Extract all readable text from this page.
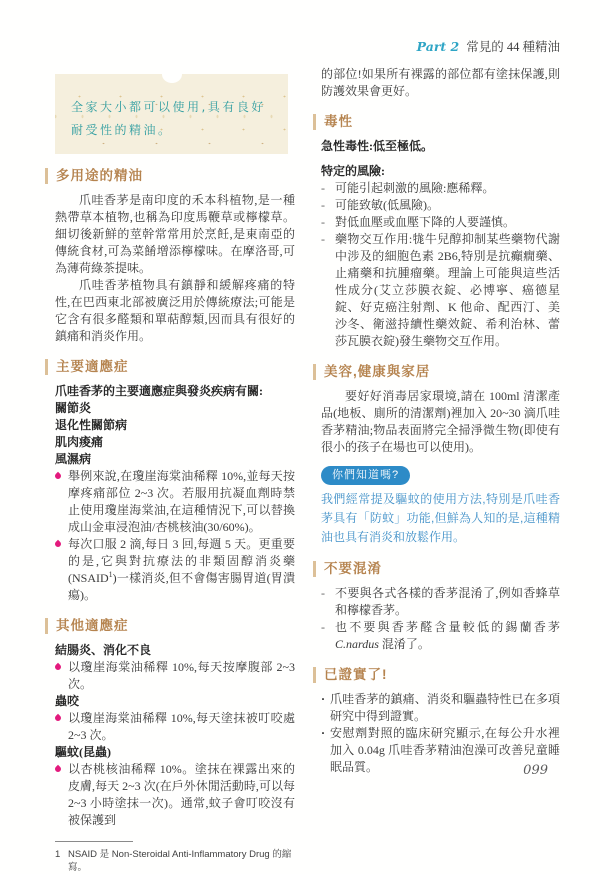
Part 2 常見的 44 種精油
全家大小都可以使用,具有良好耐受性的精油。
多用途的精油

爪哇香茅是南印度的禾本科植物,是一種熱帶草本植物,也稱為印度馬鞭草或檸檬草。細切後新鮮的莖幹常常用於烹飪,是東南亞的傳統食材,可為菜餚增添檸檬味。在摩洛哥,可為薄荷綠茶提味。

爪哇香茅植物具有鎮靜和緩解疼痛的特性,在巴西東北部被廣泛用於傳統療法;可能是它含有很多醛類和單萜醇類,因而具有很好的鎮痛和消炎作用。

主要適應症
爪哇香茅的主要適應症與發炎疾病有關:
關節炎
退化性關節病
肌肉痠痛
風濕病
舉例來說,在瓊崖海棠油稀釋 10%,並每天按摩疼痛部位 2~3 次。若服用抗凝血劑時禁止使用瓊崖海棠油,在這種情況下,可以替換成山金車浸泡油/杏桃核油(30/60%)。
每次口服 2 滴,每日 3 回,每週 5 天。更重要的是,它與對抗療法的非類固醇消炎藥(NSAID$^1$)一樣消炎,但不會傷害腸胃道(胃潰瘍)。
其他適應症
結腸炎、消化不良
以瓊崖海棠油稀釋 10%,每天按摩腹部 2~3 次。
蟲咬
以瓊崖海棠油稀釋 10%,每天塗抹被叮咬處 2~3 次。
驅蚊(昆蟲)
以杏桃核油稀釋 10%。塗抹在裸露出來的皮膚,每天 2~3 次(在戶外休閒活動時,可以每 2~3 小時塗抹一次)。通常,蚊子會叮咬沒有被保護到
1 NSAID 是 Non-Steroidal Anti-Inflammatory Drug 的縮寫。

的部位!如果所有裸露的部位都有塗抹保護,則防護效果會更好。

毒性
急性毒性:低至極低。
特定的風險:
- 可能引起刺激的風險:應稀釋。
- 可能致敏(低風險)。
- 對低血壓或血壓下降的人要謹慎。
- 藥物交互作用:牻牛兒醇抑制某些藥物代謝中涉及的細胞色素 2B6,特別是抗癲癇藥、止痛藥和抗腫瘤藥。理論上可能與這些活性成分(艾立莎膜衣錠、必博寧、癌德星錠、好克癌注射劑、K 他命、配西汀、美沙冬、衛滋持續性藥效錠、希利治林、蕾莎瓦膜衣錠)發生藥物交互作用。
美容,健康與家居

要好好消毒居家環境,請在 100ml 清潔產品(地板、廁所的清潔劑)裡加入 20~30 滴爪哇香茅精油;物品表面將完全掃淨微生物(即使有很小的孩子在場也可以使用)。

你們知道嗎?
我們經常提及驅蚊的使用方法,特別是爪哇香茅具有「防蚊」功能,但鮮為人知的是,這種精油也具有消炎和放鬆作用。
不要混淆
- 不要與各式各樣的香茅混淆了,例如香蜂草和檸檬香茅。
- 也不要與香茅醛含量較低的錫蘭香茅 C.nardus 混淆了。
已證實了!
· 爪哇香茅的鎮痛、消炎和驅蟲特性已在多項研究中得到證實。
· 安慰劑對照的臨床研究顯示,在每公升水裡加入 0.04g 爪哇香茅精油泡澡可改善兒童睡眠品質。	099
